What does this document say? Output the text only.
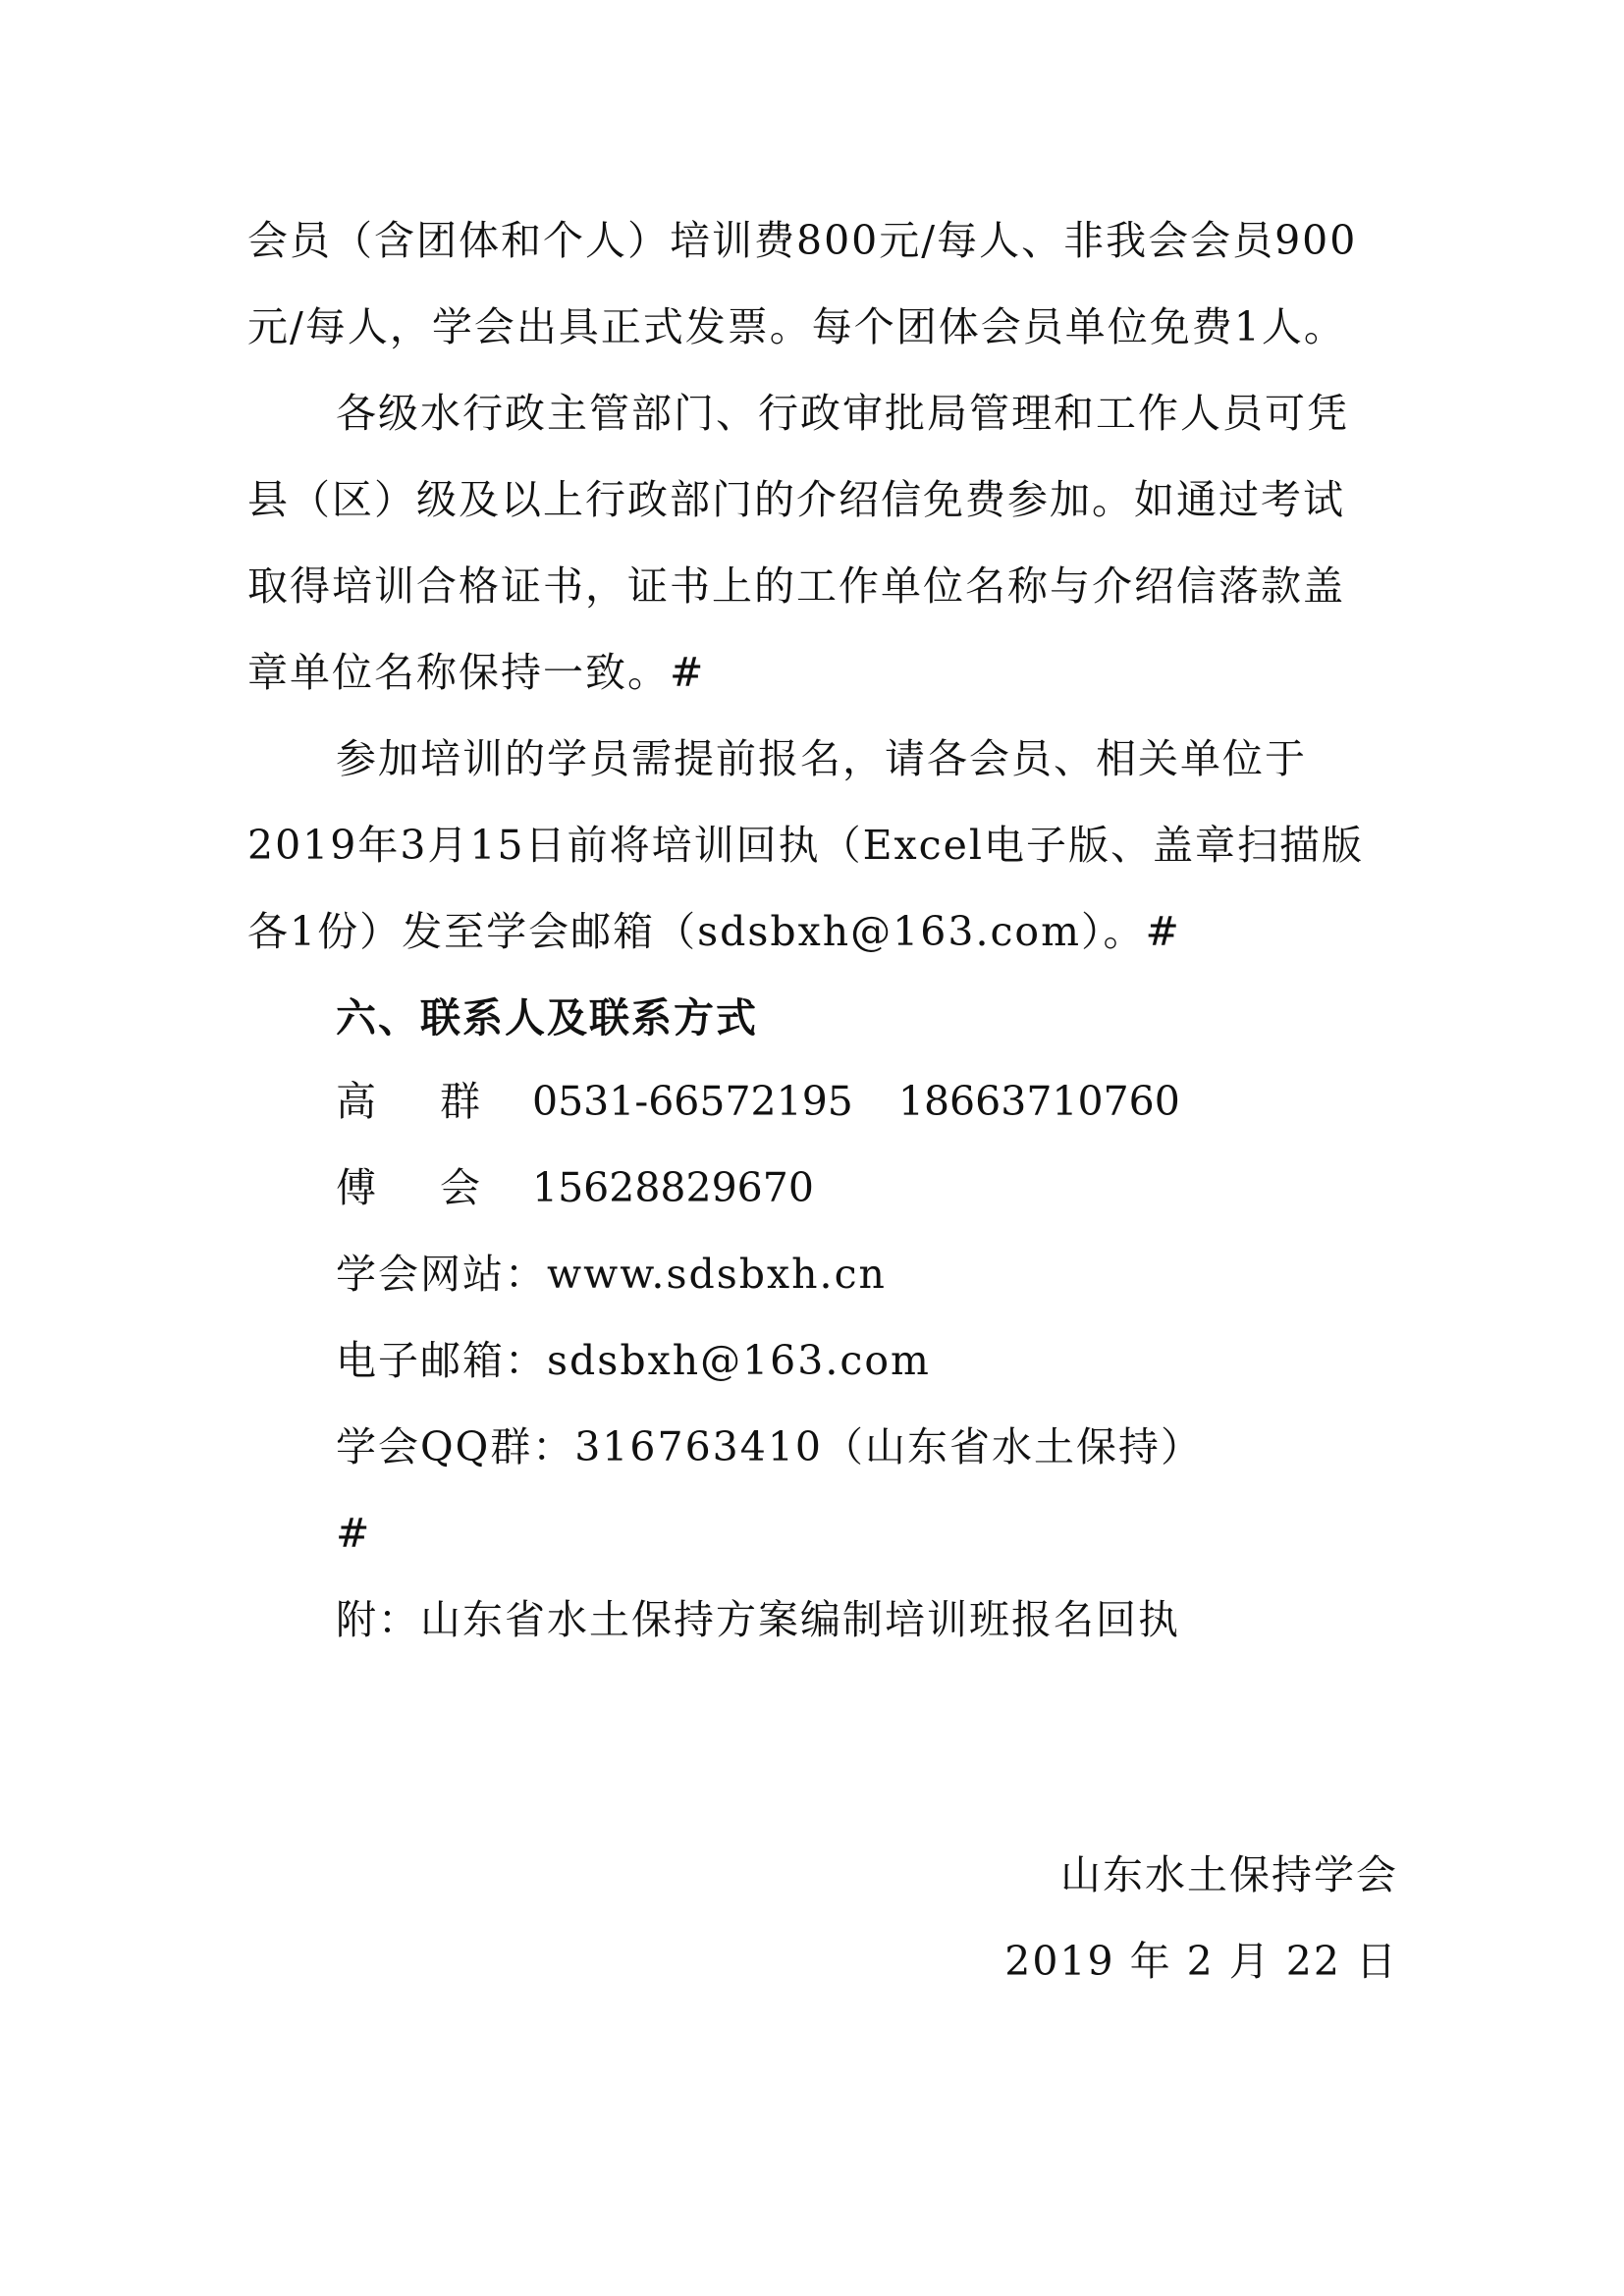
会员（含团体和个人）培训费800元/每人、非我会会员900
元/每人，学会出具正式发票。每个团体会员单位免费1人。
各级水行政主管部门、行政审批局管理和工作人员可凭
县（区）级及以上行政部门的介绍信免费参加。如通过考试
取得培训合格证书，证书上的工作单位名称与介绍信落款盖
章单位名称保持一致。#
参加培训的学员需提前报名，请各会员、相关单位于
2019年3月15日前将培训回执（Excel电子版、盖章扫描版
各1份）发至学会邮箱（sdsbxh@163.com）。#
六、联系人及联系方式
高 群 0531-66572195 18663710760
傅 会 15628829670
学会网站：www.sdsbxh.cn
电子邮箱：sdsbxh@163.com
学会QQ群：316763410（山东省水土保持）
#
附：山东省水土保持方案编制培训班报名回执
山东水土保持学会
2019 年 2 月 22 日
